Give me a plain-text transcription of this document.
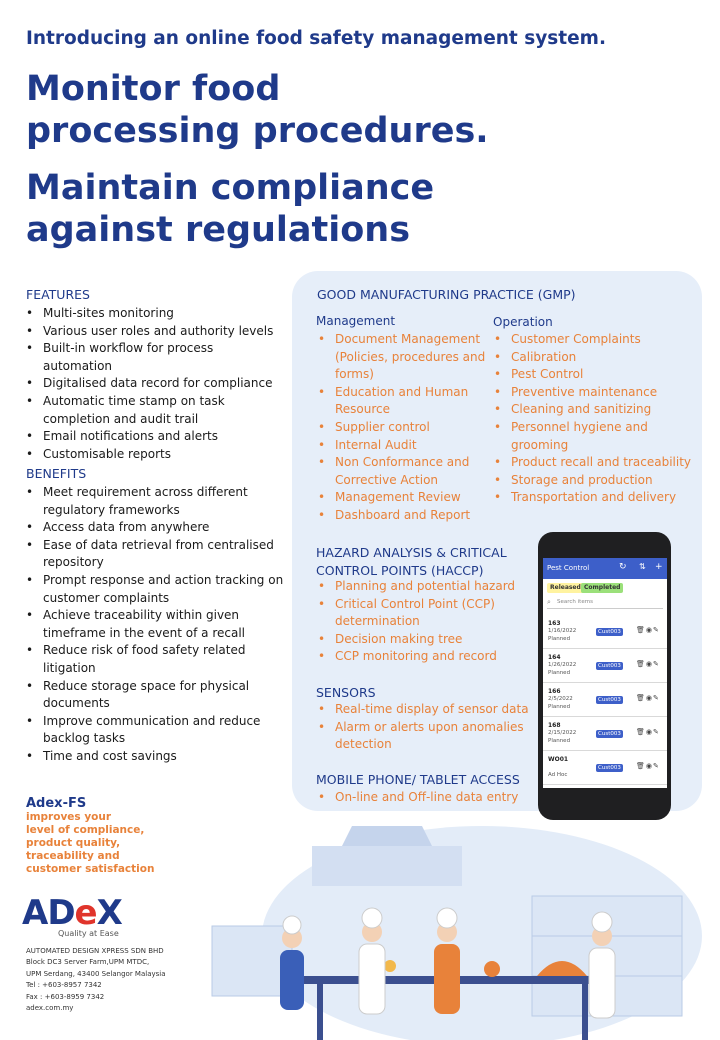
Introducing an online food safety management system.
Monitor food
processing procedures.
Maintain compliance
against regulations
FEATURES
• Multi-sites monitoring
• Various user roles and authority levels
• Built-in workflow for process automation
• Digitalised data record for compliance
• Automatic time stamp on task completion and audit trail
• Email notifications and alerts
• Customisable reports
BENEFITS
• Meet requirement across different regulatory frameworks
• Access data from anywhere
• Ease of data retrieval from centralised repository
• Prompt response and action tracking on customer complaints
• Achieve traceability within given timeframe in the event of a recall
• Reduce risk of food safety related litigation
• Reduce storage space for physical documents
• Improve communication and reduce backlog tasks
• Time and cost savings
GOOD MANUFACTURING PRACTICE (GMP)
Management	Operation
• Document Management (Policies, procedures and forms)
• Education and Human Resource
• Supplier control
• Internal Audit
• Non Conformance and Corrective Action
• Management Review
• Dashboard and Report
• Customer Complaints
• Calibration
• Pest Control
• Preventive maintenance
• Cleaning and sanitizing
• Personnel hygiene and grooming
• Product recall and traceability
• Storage and production
• Transportation and delivery
HAZARD ANALYSIS & CRITICAL
CONTROL POINTS (HACCP)
• Planning and potential hazard
• Critical Control Point (CCP) determination
• Decision making tree
• CCP monitoring and record
SENSORS
• Real-time display of sensor data
• Alarm or alerts upon anomalies detection
MOBILE PHONE/ TABLET ACCESS
• On-line and Off-line data entry
Pest Control	↻ ⇅ +
Released Completed
⌕ Search items
163
1/16/2022
Planned
Cust003 🗑◉✎
164
1/26/2022
Planned
Cust003 🗑◉✎
166
2/5/2022
Planned
Cust003 🗑◉✎
168
2/15/2022
Planned
Cust003 🗑◉✎
WO01
Ad Hoc
Cust003 🗑◉✎
Adex-FS
improves your
level of compliance,
product quality,
traceability and
customer satisfaction
ADeX
Quality at Ease
AUTOMATED DESIGN XPRESS SDN BHD
Block DC3 Server Farm,UPM MTDC,
UPM Serdang, 43400 Selangor Malaysia
Tel : +603-8957 7342
Fax : +603-8959 7342
adex.com.my
